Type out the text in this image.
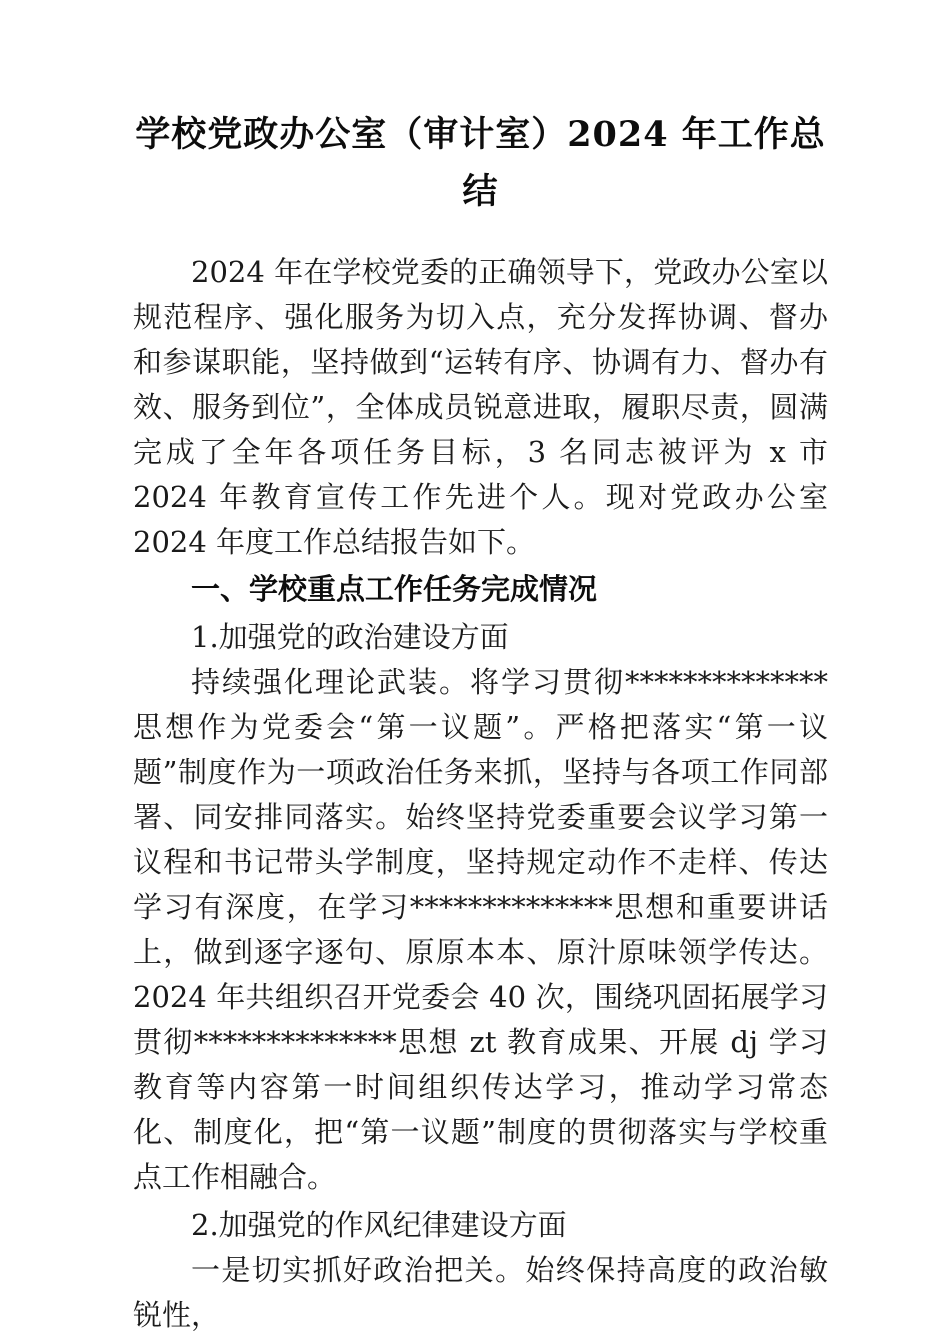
学校党政办公室（审计室）2024 年工作总结

2024 年在学校党委的正确领导下，党政办公室以规范程序、强化服务为切入点，充分发挥协调、督办和参谋职能，坚持做到“运转有序、协调有力、督办有效、服务到位”，全体成员锐意进取，履职尽责，圆满完成了全年各项任务目标，3 名同志被评为 x 市 2024 年教育宣传工作先进个人。现对党政办公室 2024 年度工作总结报告如下。

一、学校重点工作任务完成情况

1.加强党的政治建设方面

持续强化理论武装。将学习贯彻**************思想作为党委会“第一议题”。严格把落实“第一议题”制度作为一项政治任务来抓，坚持与各项工作同部署、同安排同落实。始终坚持党委重要会议学习第一议程和书记带头学制度，坚持规定动作不走样、传达学习有深度，在学习**************思想和重要讲话上，做到逐字逐句、原原本本、原汁原味领学传达。2024 年共组织召开党委会 40 次，围绕巩固拓展学习贯彻**************思想 zt 教育成果、开展 dj 学习教育等内容第一时间组织传达学习，推动学习常态化、制度化，把“第一议题”制度的贯彻落实与学校重点工作相融合。

2.加强党的作风纪律建设方面

一是切实抓好政治把关。始终保持高度的政治敏锐性，
